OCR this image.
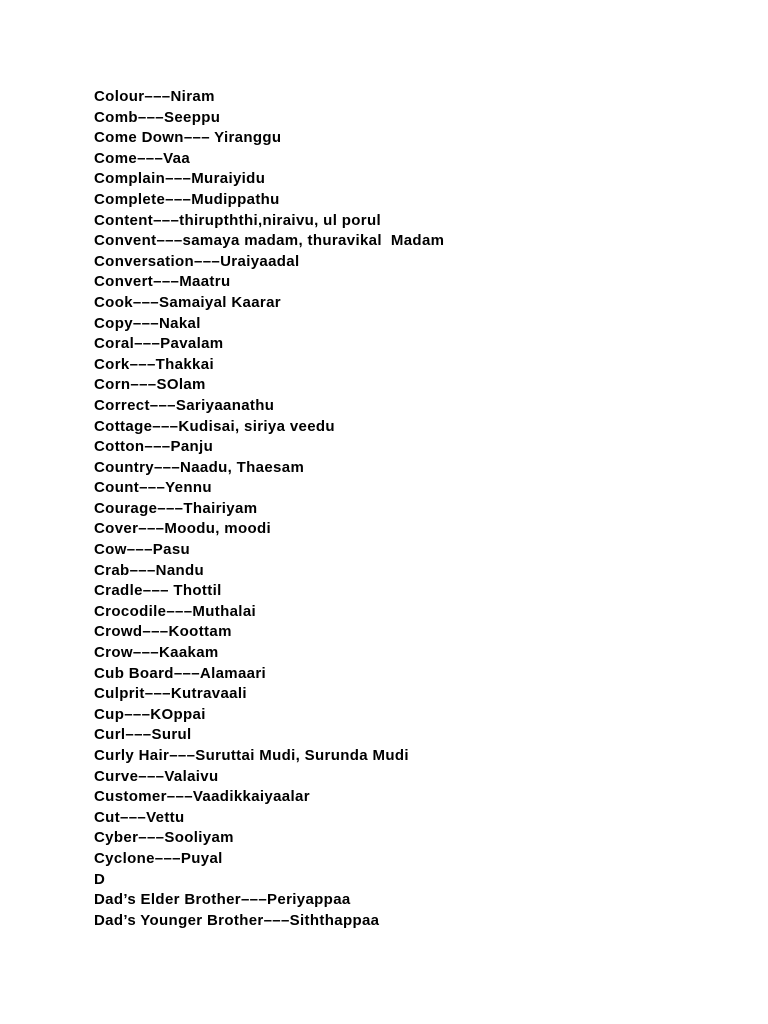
Colour–––Niram
Comb–––Seeppu
Come Down––– Yiranggu
Come–––Vaa
Complain–––Muraiyidu
Complete–––Mudippathu
Content–––thirupththi,niraivu, ul porul
Convent–––samaya madam, thuravikal  Madam
Conversation–––Uraiyaadal
Convert–––Maatru
Cook–––Samaiyal Kaarar
Copy–––Nakal
Coral–––Pavalam
Cork–––Thakkai
Corn–––SOlam
Correct–––Sariyaanathu
Cottage–––Kudisai, siriya veedu
Cotton–––Panju
Country–––Naadu, Thaesam
Count–––Yennu
Courage–––Thairiyam
Cover–––Moodu, moodi
Cow–––Pasu
Crab–––Nandu
Cradle––– Thottil
Crocodile–––Muthalai
Crowd–––Koottam
Crow–––Kaakam
Cub Board–––Alamaari
Culprit–––Kutravaali
Cup–––KOppai
Curl–––Surul
Curly Hair–––Suruttai Mudi, Surunda Mudi
Curve–––Valaivu
Customer–––Vaadikkaiyaalar
Cut–––Vettu
Cyber–––Sooliyam
Cyclone–––Puyal
D
Dad’s Elder Brother–––Periyappaa
Dad’s Younger Brother–––Siththappaa
